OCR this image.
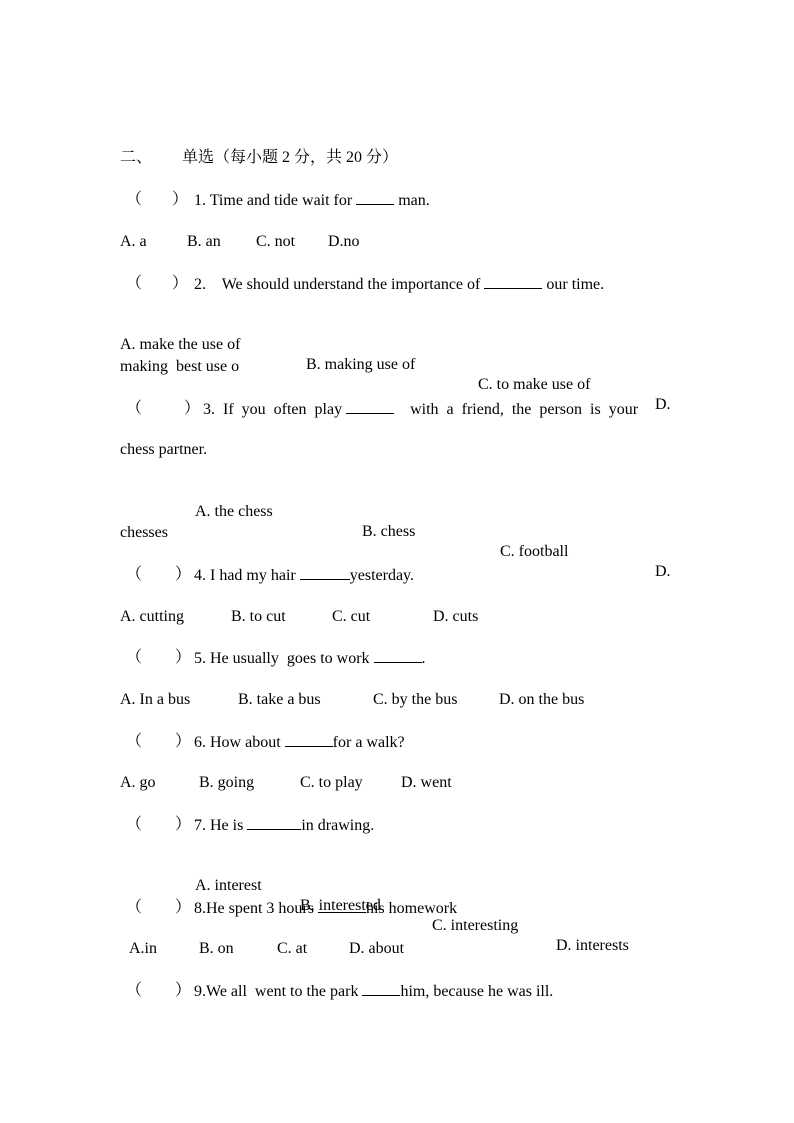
二、 单选（每小题 2 分，共 20 分）
（ ） 1. Time and tide wait for	man.
A. a	B. an C. not D.no
（ ） 2.    We should understand the importance of	our time.

A. make the use of

B. making use of

C. to make use of

D.

making  best use o
（	） 3.  If  you  often  play	with  a  friend,  the  person  is  your
chess partner.

A. the chess

B. chess

C. football

D.

chesses
（ ） 4. I had my hair	yesterday.
A. cutting	B. to cut	C. cut	D. cuts
（ ） 5. He usually  goes to work	.
A. In a bus	B. take a bus	C. by the bus	D. on the bus
（ ） 6. How about	for a walk?
A. go	B. going	C. to play D. went
（ ） 7. He is	in drawing.

A. interest

B. interested

C. interesting

D. interests

（ ） 8.He spent 3 hours	his homework
A.in	B. on	C. at	D. about
（ ） 9.We all  went to the park	him, because he was ill.
